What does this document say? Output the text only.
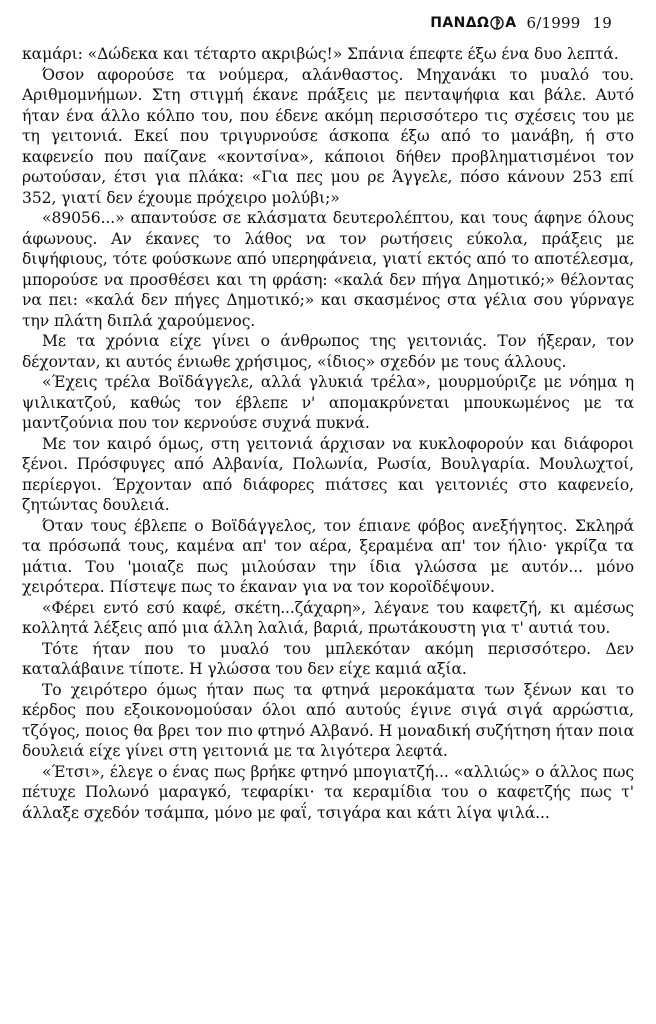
ΠΑΝΔΩ Α 6/1999 19

καμάρι: «Δώδεκα και τέταρτο ακριβώς!» Σπάνια έπεφτε έξω ένα δυο λεπτά.

Όσον αφορούσε τα νούμερα, αλάνθαστος. Μηχανάκι το μυαλό του. Αριθμομνήμων. Στη στιγμή έκανε πράξεις με πενταψήφια και βάλε. Αυτό ήταν ένα άλλο κόλπο του, που έδενε ακόμη περισσότερο τις σχέσεις του με τη γειτονιά. Εκεί που τριγυρνούσε άσκοπα έξω από το μανάβη, ή στο καφενείο που παίζανε «κοντσίνα», κάποιοι δήθεν προβληματισμένοι τον ρωτούσαν, έτσι για πλάκα: «Για πες μου ρε Άγγελε, πόσο κάνουν 253 επί 352, γιατί δεν έχουμε πρόχειρο μολύβι;»

«89056...» απαντούσε σε κλάσματα δευτερολέπτου, και τους άφηνε όλους άφωνους. Αν έκανες το λάθος να τον ρωτήσεις εύκολα, πράξεις με διψήφιους, τότε φούσκωνε από υπερηφάνεια, γιατί εκτός από το αποτέλεσμα, μπορούσε να προσθέσει και τη φράση: «καλά δεν πήγα Δημοτικό;» θέλοντας να πει: «καλά δεν πήγες Δημοτικό;» και σκασμένος στα γέλια σου γύρναγε την πλάτη διπλά χαρούμενος.

Με τα χρόνια είχε γίνει ο άνθρωπος της γειτονιάς. Τον ήξεραν, τον δέχονταν, κι αυτός ένιωθε χρήσιμος, «ίδιος» σχεδόν με τους άλλους.

«Έχεις τρέλα Βοϊδάγγελε, αλλά γλυκιά τρέλα», μουρμούριζε με νόημα η ψιλικατζού, καθώς τον έβλεπε ν' απομακρύνεται μπουκωμένος με τα μαντζούνια που τον κερνούσε συχνά πυκνά.

Με τον καιρό όμως, στη γειτονιά άρχισαν να κυκλοφορούν και διάφοροι ξένοι. Πρόσφυγες από Αλβανία, Πολωνία, Ρωσία, Βουλγαρία. Μουλωχτοί, περίεργοι. Έρχονταν από διάφορες πιάτσες και γειτονιές στο καφενείο, ζητώντας δουλειά.

Όταν τους έβλεπε ο Βοϊδάγγελος, τον έπιανε φόβος ανεξήγητος. Σκληρά τα πρόσωπά τους, καμένα απ' τον αέρα, ξεραμένα απ' τον ήλιο· γκρίζα τα μάτια. Του 'μοιαζε πως μιλούσαν την ίδια γλώσσα με αυτόν... μόνο χειρότερα. Πίστεψε πως το έκαναν για να τον κοροϊδέψουν.

«Φέρει εντό εσύ καφέ, σκέτη...ζάχαρη», λέγανε του καφετζή, κι αμέσως κολλητά λέξεις από μια άλλη λαλιά, βαριά, πρωτάκουστη για τ' αυτιά του.

Τότε ήταν που το μυαλό του μπλεκόταν ακόμη περισσότερο. Δεν καταλάβαινε τίποτε. Η γλώσσα του δεν είχε καμιά αξία.

Το χειρότερο όμως ήταν πως τα φτηνά μεροκάματα των ξένων και το κέρδος που εξοικονομούσαν όλοι από αυτούς έγινε σιγά σιγά αρρώστια, τζόγος, ποιος θα βρει τον πιο φτηνό Αλβανό. Η μοναδική συζήτηση ήταν ποια δουλειά είχε γίνει στη γειτονιά με τα λιγότερα λεφτά.

«Έτσι», έλεγε ο ένας πως βρήκε φτηνό μπογιατζή... «αλλιώς» ο άλλος πως πέτυχε Πολωνό μαραγκό, τεφαρίκι· τα κεραμίδια του ο καφετζής πως τ' άλλαξε σχεδόν τσάμπα, μόνο με φαΐ, τσιγάρα και κάτι λίγα ψιλά...
